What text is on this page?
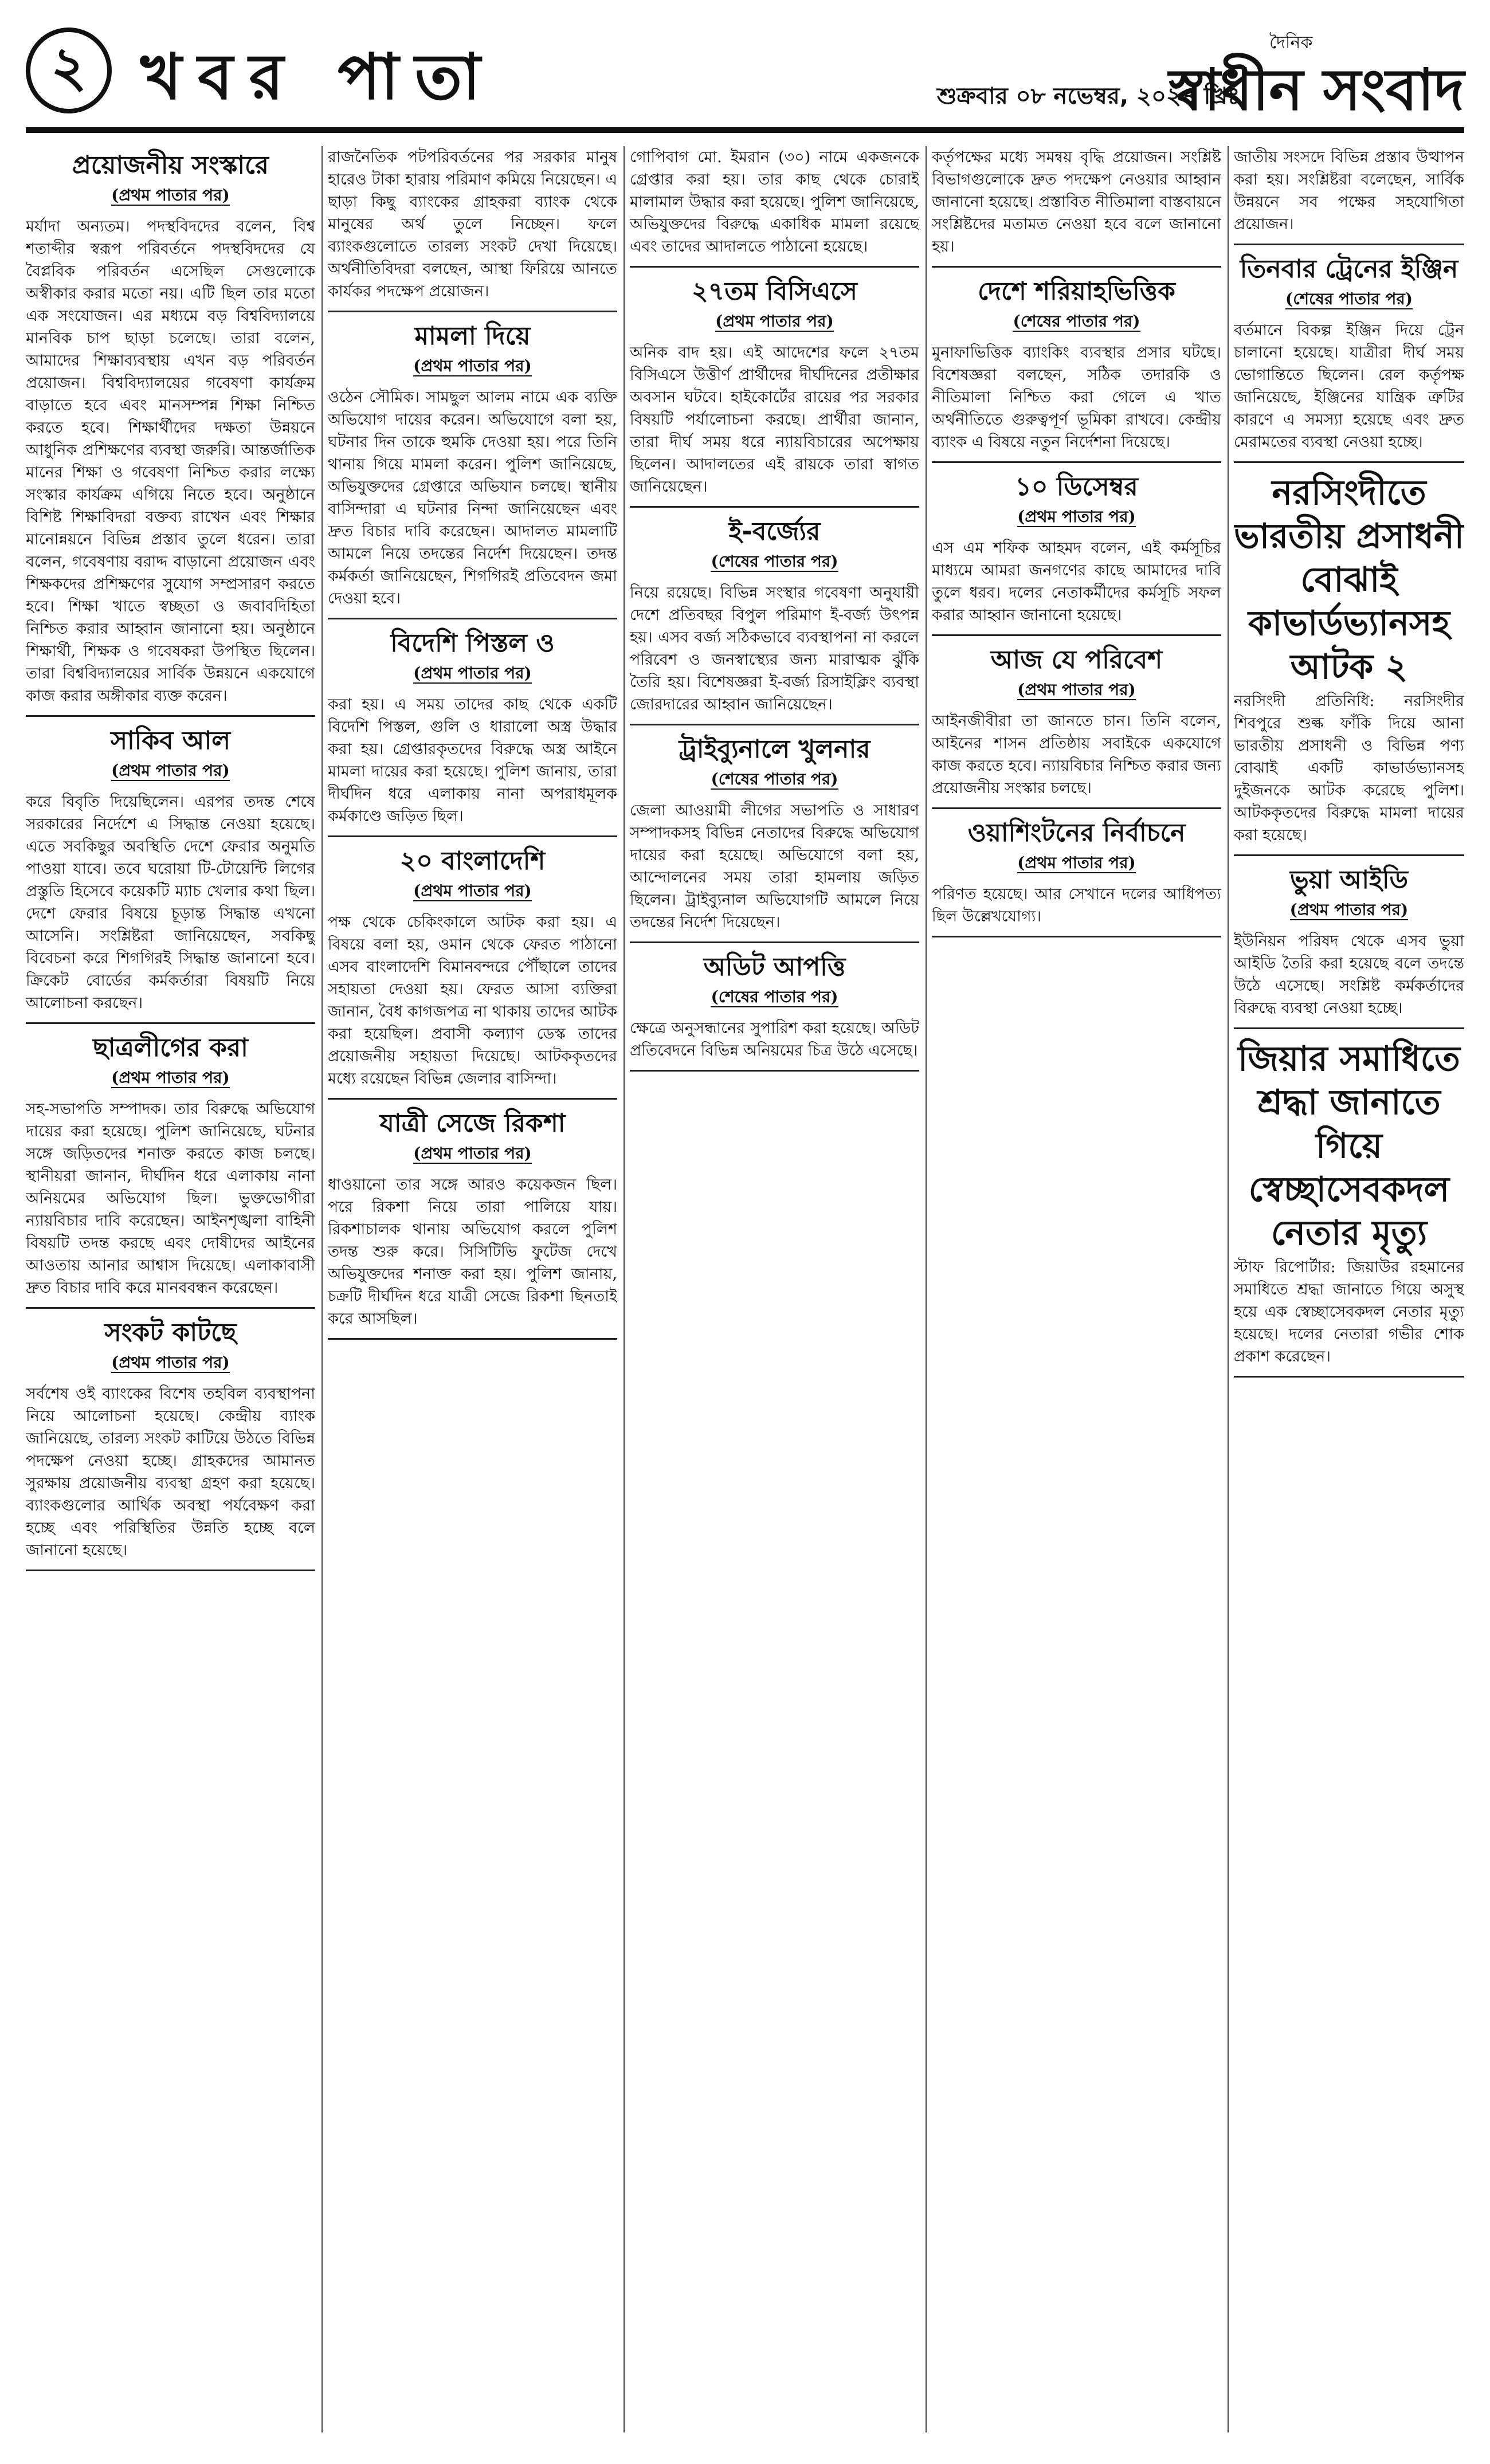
২ খবর পাতা	শুক্রবার ০৮ নভেম্বর, ২০২৪ খ্রিঃ
দৈনিক
স্বাধীন সংবাদ
প্রয়োজনীয় সংস্কারে
(প্রথম পাতার পর)

মর্যাদা অন্যতম। পদস্থবিদদের বলেন, বিশ্ব শতাব্দীর স্বরূপ পরিবর্তনে পদস্থবিদদের যে বৈপ্লবিক পরিবর্তন এসেছিল সেগুলোকে অস্বীকার করার মতো নয়। এটি ছিল তার মতো এক সংযোজন। এর মধ্যমে বড় বিশ্ববিদ্যালয়ে মানবিক চাপ ছাড়া চলেছে। তারা বলেন, আমাদের শিক্ষাব্যবস্থায় এখন বড় পরিবর্তন প্রয়োজন। বিশ্ববিদ্যালয়ের গবেষণা কার্যক্রম বাড়াতে হবে এবং মানসম্পন্ন শিক্ষা নিশ্চিত করতে হবে। শিক্ষার্থীদের দক্ষতা উন্নয়নে আধুনিক প্রশিক্ষণের ব্যবস্থা জরুরি। আন্তর্জাতিক মানের শিক্ষা ও গবেষণা নিশ্চিত করার লক্ষ্যে সংস্কার কার্যক্রম এগিয়ে নিতে হবে। অনুষ্ঠানে বিশিষ্ট শিক্ষাবিদরা বক্তব্য রাখেন এবং শিক্ষার মানোন্নয়নে বিভিন্ন প্রস্তাব তুলে ধরেন। তারা বলেন, গবেষণায় বরাদ্দ বাড়ানো প্রয়োজন এবং শিক্ষকদের প্রশিক্ষণের সুযোগ সম্প্রসারণ করতে হবে। শিক্ষা খাতে স্বচ্ছতা ও জবাবদিহিতা নিশ্চিত করার আহ্বান জানানো হয়। অনুষ্ঠানে শিক্ষার্থী, শিক্ষক ও গবেষকরা উপস্থিত ছিলেন। তারা বিশ্ববিদ্যালয়ের সার্বিক উন্নয়নে একযোগে কাজ করার অঙ্গীকার ব্যক্ত করেন।

সাকিব আল
(প্রথম পাতার পর)

করে বিবৃতি দিয়েছিলেন। এরপর তদন্ত শেষে সরকারের নির্দেশে এ সিদ্ধান্ত নেওয়া হয়েছে। এতে সবকিছুর অবস্থিতি দেশে ফেরার অনুমতি পাওয়া যাবে। তবে ঘরোয়া টি-টোয়েন্টি লিগের প্রস্তুতি হিসেবে কয়েকটি ম্যাচ খেলার কথা ছিল। দেশে ফেরার বিষয়ে চূড়ান্ত সিদ্ধান্ত এখনো আসেনি। সংশ্লিষ্টরা জানিয়েছেন, সবকিছু বিবেচনা করে শিগগিরই সিদ্ধান্ত জানানো হবে। ক্রিকেট বোর্ডের কর্মকর্তারা বিষয়টি নিয়ে আলোচনা করছেন।

ছাত্রলীগের করা
(প্রথম পাতার পর)

সহ-সভাপতি সম্পাদক। তার বিরুদ্ধে অভিযোগ দায়ের করা হয়েছে। পুলিশ জানিয়েছে, ঘটনার সঙ্গে জড়িতদের শনাক্ত করতে কাজ চলছে। স্থানীয়রা জানান, দীর্ঘদিন ধরে এলাকায় নানা অনিয়মের অভিযোগ ছিল। ভুক্তভোগীরা ন্যায়বিচার দাবি করেছেন। আইনশৃঙ্খলা বাহিনী বিষয়টি তদন্ত করছে এবং দোষীদের আইনের আওতায় আনার আশ্বাস দিয়েছে। এলাকাবাসী দ্রুত বিচার দাবি করে মানববন্ধন করেছেন।

সংকট কাটছে
(প্রথম পাতার পর)

সর্বশেষ ওই ব্যাংকের বিশেষ তহবিল ব্যবস্থাপনা নিয়ে আলোচনা হয়েছে। কেন্দ্রীয় ব্যাংক জানিয়েছে, তারল্য সংকট কাটিয়ে উঠতে বিভিন্ন পদক্ষেপ নেওয়া হচ্ছে। গ্রাহকদের আমানত সুরক্ষায় প্রয়োজনীয় ব্যবস্থা গ্রহণ করা হয়েছে। ব্যাংকগুলোর আর্থিক অবস্থা পর্যবেক্ষণ করা হচ্ছে এবং পরিস্থিতির উন্নতি হচ্ছে বলে জানানো হয়েছে।

রাজনৈতিক পটপরিবর্তনের পর সরকার মানুষ হারেও টাকা হারায় পরিমাণ কমিয়ে নিয়েছেন। এ ছাড়া কিছু ব্যাংকের গ্রাহকরা ব্যাংক থেকে মানুষের অর্থ তুলে নিচ্ছেন। ফলে ব্যাংকগুলোতে তারল্য সংকট দেখা দিয়েছে। অর্থনীতিবিদরা বলছেন, আস্থা ফিরিয়ে আনতে কার্যকর পদক্ষেপ প্রয়োজন।

মামলা দিয়ে
(প্রথম পাতার পর)

ওঠেন সৌমিক। সামছুল আলম নামে এক ব্যক্তি অভিযোগ দায়ের করেন। অভিযোগে বলা হয়, ঘটনার দিন তাকে হুমকি দেওয়া হয়। পরে তিনি থানায় গিয়ে মামলা করেন। পুলিশ জানিয়েছে, অভিযুক্তদের গ্রেপ্তারে অভিযান চলছে। স্থানীয় বাসিন্দারা এ ঘটনার নিন্দা জানিয়েছেন এবং দ্রুত বিচার দাবি করেছেন। আদালত মামলাটি আমলে নিয়ে তদন্তের নির্দেশ দিয়েছেন। তদন্ত কর্মকর্তা জানিয়েছেন, শিগগিরই প্রতিবেদন জমা দেওয়া হবে।

বিদেশি পিস্তল ও
(প্রথম পাতার পর)

করা হয়। এ সময় তাদের কাছ থেকে একটি বিদেশি পিস্তল, গুলি ও ধারালো অস্ত্র উদ্ধার করা হয়। গ্রেপ্তারকৃতদের বিরুদ্ধে অস্ত্র আইনে মামলা দায়ের করা হয়েছে। পুলিশ জানায়, তারা দীর্ঘদিন ধরে এলাকায় নানা অপরাধমূলক কর্মকাণ্ডে জড়িত ছিল।

২০ বাংলাদেশি
(প্রথম পাতার পর)

পক্ষ থেকে চেকিংকালে আটক করা হয়। এ বিষয়ে বলা হয়, ওমান থেকে ফেরত পাঠানো এসব বাংলাদেশি বিমানবন্দরে পৌঁছালে তাদের সহায়তা দেওয়া হয়। ফেরত আসা ব্যক্তিরা জানান, বৈধ কাগজপত্র না থাকায় তাদের আটক করা হয়েছিল। প্রবাসী কল্যাণ ডেস্ক তাদের প্রয়োজনীয় সহায়তা দিয়েছে। আটককৃতদের মধ্যে রয়েছেন বিভিন্ন জেলার বাসিন্দা।

যাত্রী সেজে রিকশা
(প্রথম পাতার পর)

ধাওয়ানো তার সঙ্গে আরও কয়েকজন ছিল। পরে রিকশা নিয়ে তারা পালিয়ে যায়। রিকশাচালক থানায় অভিযোগ করলে পুলিশ তদন্ত শুরু করে। সিসিটিভি ফুটেজ দেখে অভিযুক্তদের শনাক্ত করা হয়। পুলিশ জানায়, চক্রটি দীর্ঘদিন ধরে যাত্রী সেজে রিকশা ছিনতাই করে আসছিল।

গোপিবাগ মো. ইমরান (৩০) নামে একজনকে গ্রেপ্তার করা হয়। তার কাছ থেকে চোরাই মালামাল উদ্ধার করা হয়েছে। পুলিশ জানিয়েছে, অভিযুক্তদের বিরুদ্ধে একাধিক মামলা রয়েছে এবং তাদের আদালতে পাঠানো হয়েছে।

২৭তম বিসিএসে
(প্রথম পাতার পর)

অনিক বাদ হয়। এই আদেশের ফলে ২৭তম বিসিএসে উত্তীর্ণ প্রার্থীদের দীর্ঘদিনের প্রতীক্ষার অবসান ঘটবে। হাইকোর্টের রায়ের পর সরকার বিষয়টি পর্যালোচনা করছে। প্রার্থীরা জানান, তারা দীর্ঘ সময় ধরে ন্যায়বিচারের অপেক্ষায় ছিলেন। আদালতের এই রায়কে তারা স্বাগত জানিয়েছেন।

ই-বর্জ্যের
(শেষের পাতার পর)

নিয়ে রয়েছে। বিভিন্ন সংস্থার গবেষণা অনুযায়ী দেশে প্রতিবছর বিপুল পরিমাণ ই-বর্জ্য উৎপন্ন হয়। এসব বর্জ্য সঠিকভাবে ব্যবস্থাপনা না করলে পরিবেশ ও জনস্বাস্থ্যের জন্য মারাত্মক ঝুঁকি তৈরি হয়। বিশেষজ্ঞরা ই-বর্জ্য রিসাইক্লিং ব্যবস্থা জোরদারের আহ্বান জানিয়েছেন।

ট্রাইব্যুনালে খুলনার
(শেষের পাতার পর)

জেলা আওয়ামী লীগের সভাপতি ও সাধারণ সম্পাদকসহ বিভিন্ন নেতাদের বিরুদ্ধে অভিযোগ দায়ের করা হয়েছে। অভিযোগে বলা হয়, আন্দোলনের সময় তারা হামলায় জড়িত ছিলেন। ট্রাইব্যুনাল অভিযোগটি আমলে নিয়ে তদন্তের নির্দেশ দিয়েছেন।

অডিট আপত্তি
(শেষের পাতার পর)

ক্ষেত্রে অনুসন্ধানের সুপারিশ করা হয়েছে। অডিট প্রতিবেদনে বিভিন্ন অনিয়মের চিত্র উঠে এসেছে।

কর্তৃপক্ষের মধ্যে সমন্বয় বৃদ্ধি প্রয়োজন। সংশ্লিষ্ট বিভাগগুলোকে দ্রুত পদক্ষেপ নেওয়ার আহ্বান জানানো হয়েছে। প্রস্তাবিত নীতিমালা বাস্তবায়নে সংশ্লিষ্টদের মতামত নেওয়া হবে বলে জানানো হয়।

দেশে শরিয়াহভিত্তিক
(শেষের পাতার পর)

মুনাফাভিত্তিক ব্যাংকিং ব্যবস্থার প্রসার ঘটছে। বিশেষজ্ঞরা বলছেন, সঠিক তদারকি ও নীতিমালা নিশ্চিত করা গেলে এ খাত অর্থনীতিতে গুরুত্বপূর্ণ ভূমিকা রাখবে। কেন্দ্রীয় ব্যাংক এ বিষয়ে নতুন নির্দেশনা দিয়েছে।

১০ ডিসেম্বর
(প্রথম পাতার পর)

এস এম শফিক আহমদ বলেন, এই কর্মসূচির মাধ্যমে আমরা জনগণের কাছে আমাদের দাবি তুলে ধরব। দলের নেতাকর্মীদের কর্মসূচি সফল করার আহ্বান জানানো হয়েছে।

আজ যে পরিবেশ
(প্রথম পাতার পর)

আইনজীবীরা তা জানতে চান। তিনি বলেন, আইনের শাসন প্রতিষ্ঠায় সবাইকে একযোগে কাজ করতে হবে। ন্যায়বিচার নিশ্চিত করার জন্য প্রয়োজনীয় সংস্কার চলছে।

ওয়াশিংটনের নির্বাচনে
(প্রথম পাতার পর)

পরিণত হয়েছে। আর সেখানে দলের আধিপত্য ছিল উল্লেখযোগ্য।

জাতীয় সংসদে বিভিন্ন প্রস্তাব উত্থাপন করা হয়। সংশ্লিষ্টরা বলেছেন, সার্বিক উন্নয়নে সব পক্ষের সহযোগিতা প্রয়োজন।

তিনবার ট্রেনের ইঞ্জিন
(শেষের পাতার পর)

বর্তমানে বিকল্প ইঞ্জিন দিয়ে ট্রেন চালানো হয়েছে। যাত্রীরা দীর্ঘ সময় ভোগান্তিতে ছিলেন। রেল কর্তৃপক্ষ জানিয়েছে, ইঞ্জিনের যান্ত্রিক ত্রুটির কারণে এ সমস্যা হয়েছে এবং দ্রুত মেরামতের ব্যবস্থা নেওয়া হচ্ছে।

নরসিংদীতে ভারতীয় প্রসাধনী বোঝাই কাভার্ডভ্যানসহ আটক ২

নরসিংদী প্রতিনিধি: নরসিংদীর শিবপুরে শুল্ক ফাঁকি দিয়ে আনা ভারতীয় প্রসাধনী ও বিভিন্ন পণ্য বোঝাই একটি কাভার্ডভ্যানসহ দুইজনকে আটক করেছে পুলিশ। আটককৃতদের বিরুদ্ধে মামলা দায়ের করা হয়েছে।

ভুয়া আইডি
(প্রথম পাতার পর)

ইউনিয়ন পরিষদ থেকে এসব ভুয়া আইডি তৈরি করা হয়েছে বলে তদন্তে উঠে এসেছে। সংশ্লিষ্ট কর্মকর্তাদের বিরুদ্ধে ব্যবস্থা নেওয়া হচ্ছে।

জিয়ার সমাধিতে শ্রদ্ধা জানাতে গিয়ে স্বেচ্ছাসেবকদল নেতার মৃত্যু

স্টাফ রিপোর্টার: জিয়াউর রহমানের সমাধিতে শ্রদ্ধা জানাতে গিয়ে অসুস্থ হয়ে এক স্বেচ্ছাসেবকদল নেতার মৃত্যু হয়েছে। দলের নেতারা গভীর শোক প্রকাশ করেছেন।
